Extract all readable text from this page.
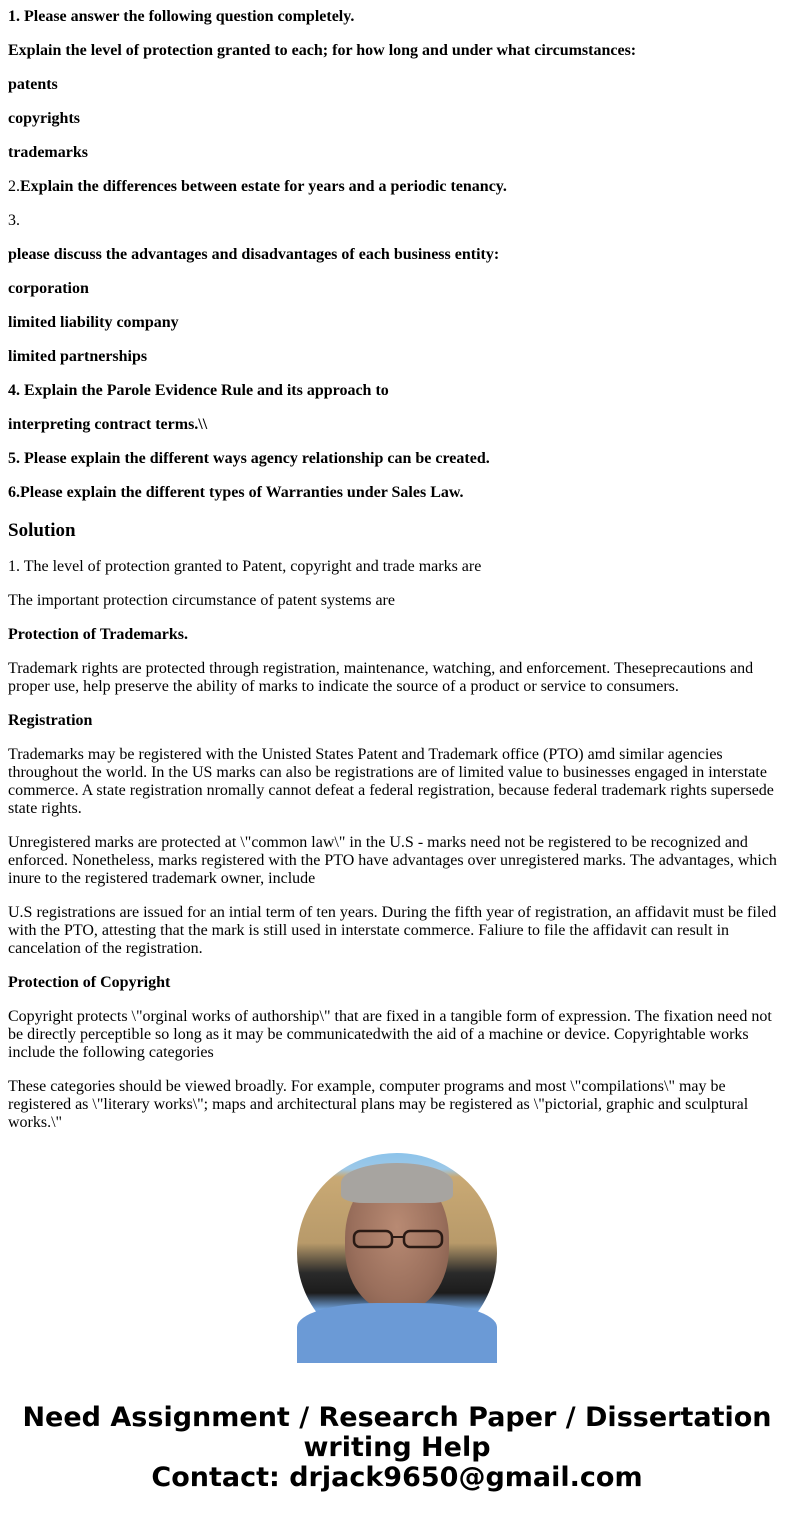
1. Please answer the following question completely.

Explain the level of protection granted to each; for how long and under what circumstances:

patents

copyrights

trademarks

2.Explain the differences between estate for years and a periodic tenancy.

3.

please discuss the advantages and disadvantages of each business entity:

corporation

limited liability company

limited partnerships

4. Explain the Parole Evidence Rule and its approach to

interpreting contract terms.\\

5. Please explain the different ways agency relationship can be created.

6.Please explain the different types of Warranties under Sales Law.

Solution

1. The level of protection granted to Patent, copyright and trade marks are

The important protection circumstance of patent systems are

Protection of Trademarks.

Trademark rights are protected through registration, maintenance, watching, and enforcement. Theseprecautions and proper use, help preserve the ability of marks to indicate the source of a product or service to consumers.

Registration

Trademarks may be registered with the Unisted States Patent and Trademark office (PTO) amd similar agencies throughout the world. In the US marks can also be registrations are of limited value to businesses engaged in interstate commerce. A state registration nromally cannot defeat a federal registration, because federal trademark rights supersede state rights.

Unregistered marks are protected at \"common law\" in the U.S - marks need not be registered to be recognized and enforced. Nonetheless, marks registered with the PTO have advantages over unregistered marks. The advantages, which inure to the registered trademark owner, include

U.S registrations are issued for an intial term of ten years. During the fifth year of registration, an affidavit must be filed with the PTO, attesting that the mark is still used in interstate commerce. Faliure to file the affidavit can result in cancelation of the registration.

Protection of Copyright

Copyright protects \"orginal works of authorship\" that are fixed in a tangible form of expression. The fixation need not be directly perceptible so long as it may be communicatedwith the aid of a machine or device. Copyrightable works include the following categories

These categories should be viewed broadly. For example, computer programs and most \"compilations\" may be registered as \"literary works\"; maps and architectural plans may be registered as \"pictorial, graphic and sculptural works.\"

Need Assignment / Research Paper / Dissertation writing Help
Contact: drjack9650@gmail.com
